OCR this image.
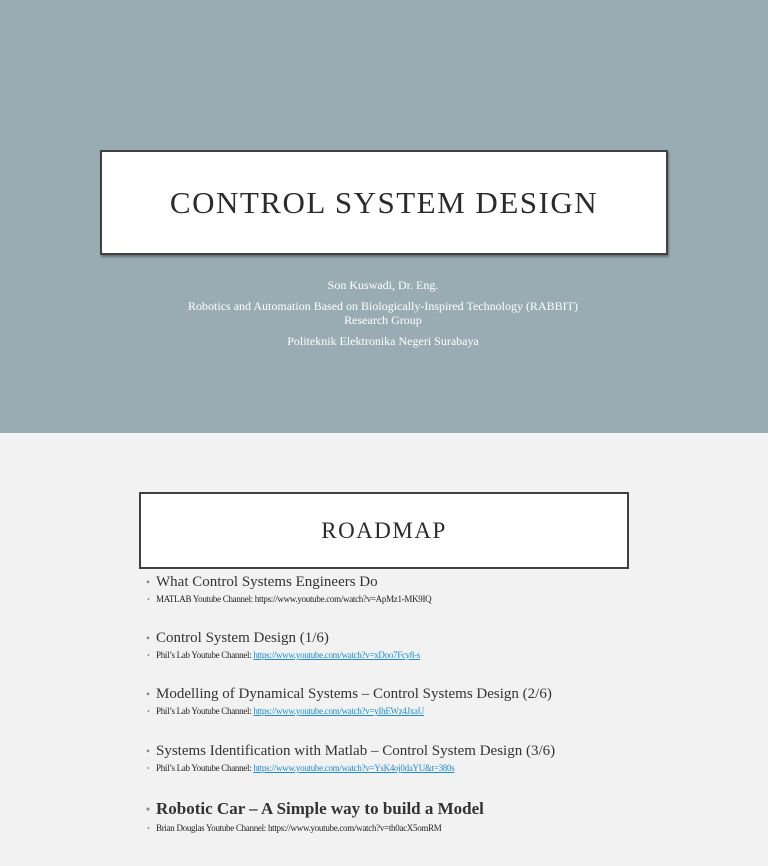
CONTROL SYSTEM DESIGN
Son Kuswadi, Dr. Eng.
Robotics and Automation Based on Biologically-Inspired Technology (RABBIT)
Research Group
Politeknik Elektronika Negeri Surabaya
ROADMAP
• What Control Systems Engineers Do
• MATLAB Youtube Channel: https://www.youtube.com/watch?v=ApMz1-MK9IQ
• Control System Design (1/6)
• Phil’s Lab Youtube Channel: https://www.youtube.com/watch?v=xDoo7Fcy8-s
• Modelling of Dynamical Systems – Control Systems Design (2/6)
• Phil’s Lab Youtube Channel: https://www.youtube.com/watch?v=yIhEWz4JxaU
• Systems Identification with Matlab – Control System Design (3/6)
• Phil’s Lab Youtube Channel: https://www.youtube.com/watch?v=YsK4oj0daYU&t=380s
• Robotic Car – A Simple way to build a Model
• Brian Douglas Youtube Channel: https://www.youtube.com/watch?v=th0acX5omRM
